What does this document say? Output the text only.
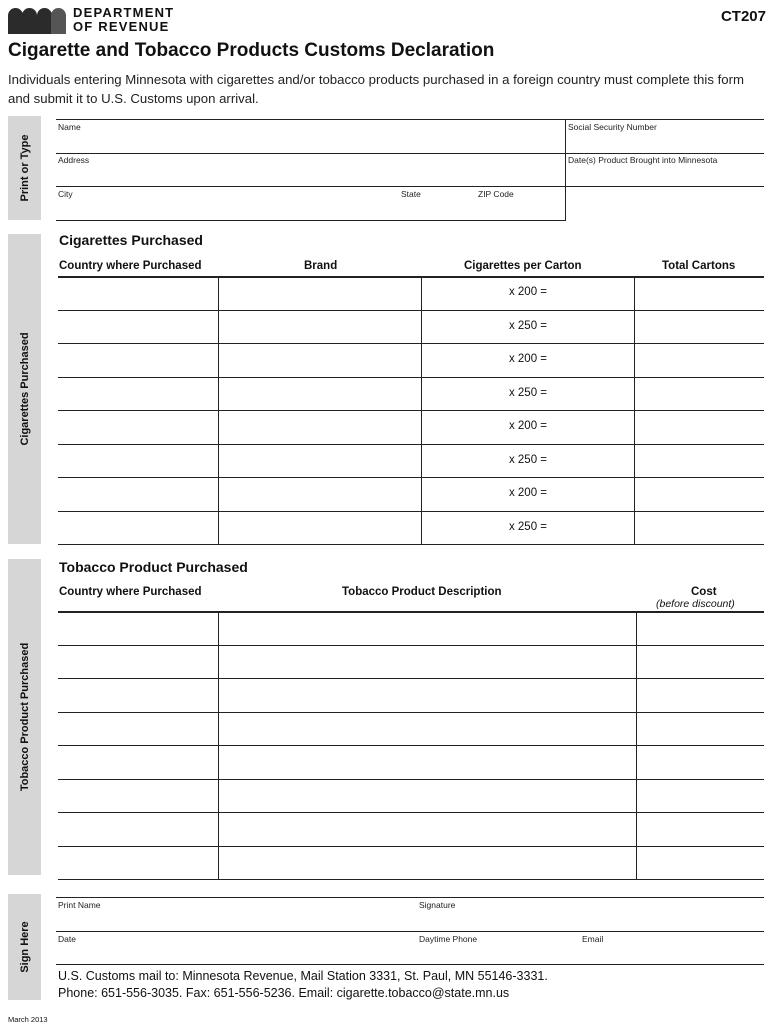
DEPARTMENT
OF REVENUE
CT207
Cigarette and Tobacco Products Customs Declaration
Individuals entering Minnesota with cigarettes and/or tobacco products purchased in a foreign country must complete this form and submit it to U.S. Customs upon arrival.
Print or Type
Cigarettes Purchased
Tobacco Product Purchased
Sign Here
Name	Social Security Number
Address	Date(s) Product Brought into Minnesota
City	State	ZIP Code
Cigarettes Purchased
Country where Purchased	Brand	Cigarettes per Carton	Total Cartons
x 200 =
x 250 =
x 200 =
x 250 =
x 200 =
x 250 =
x 200 =
x 250 =
Tobacco Product Purchased
Country where Purchased	Tobacco Product Description	Cost
(before discount)
Print Name	Signature
Date	Daytime Phone	Email
U.S. Customs mail to: Minnesota Revenue, Mail Station 3331, St. Paul, MN 55146-3331.
Phone: 651-556-3035. Fax: 651-556-5236. Email: cigarette.tobacco@state.mn.us
March 2013
